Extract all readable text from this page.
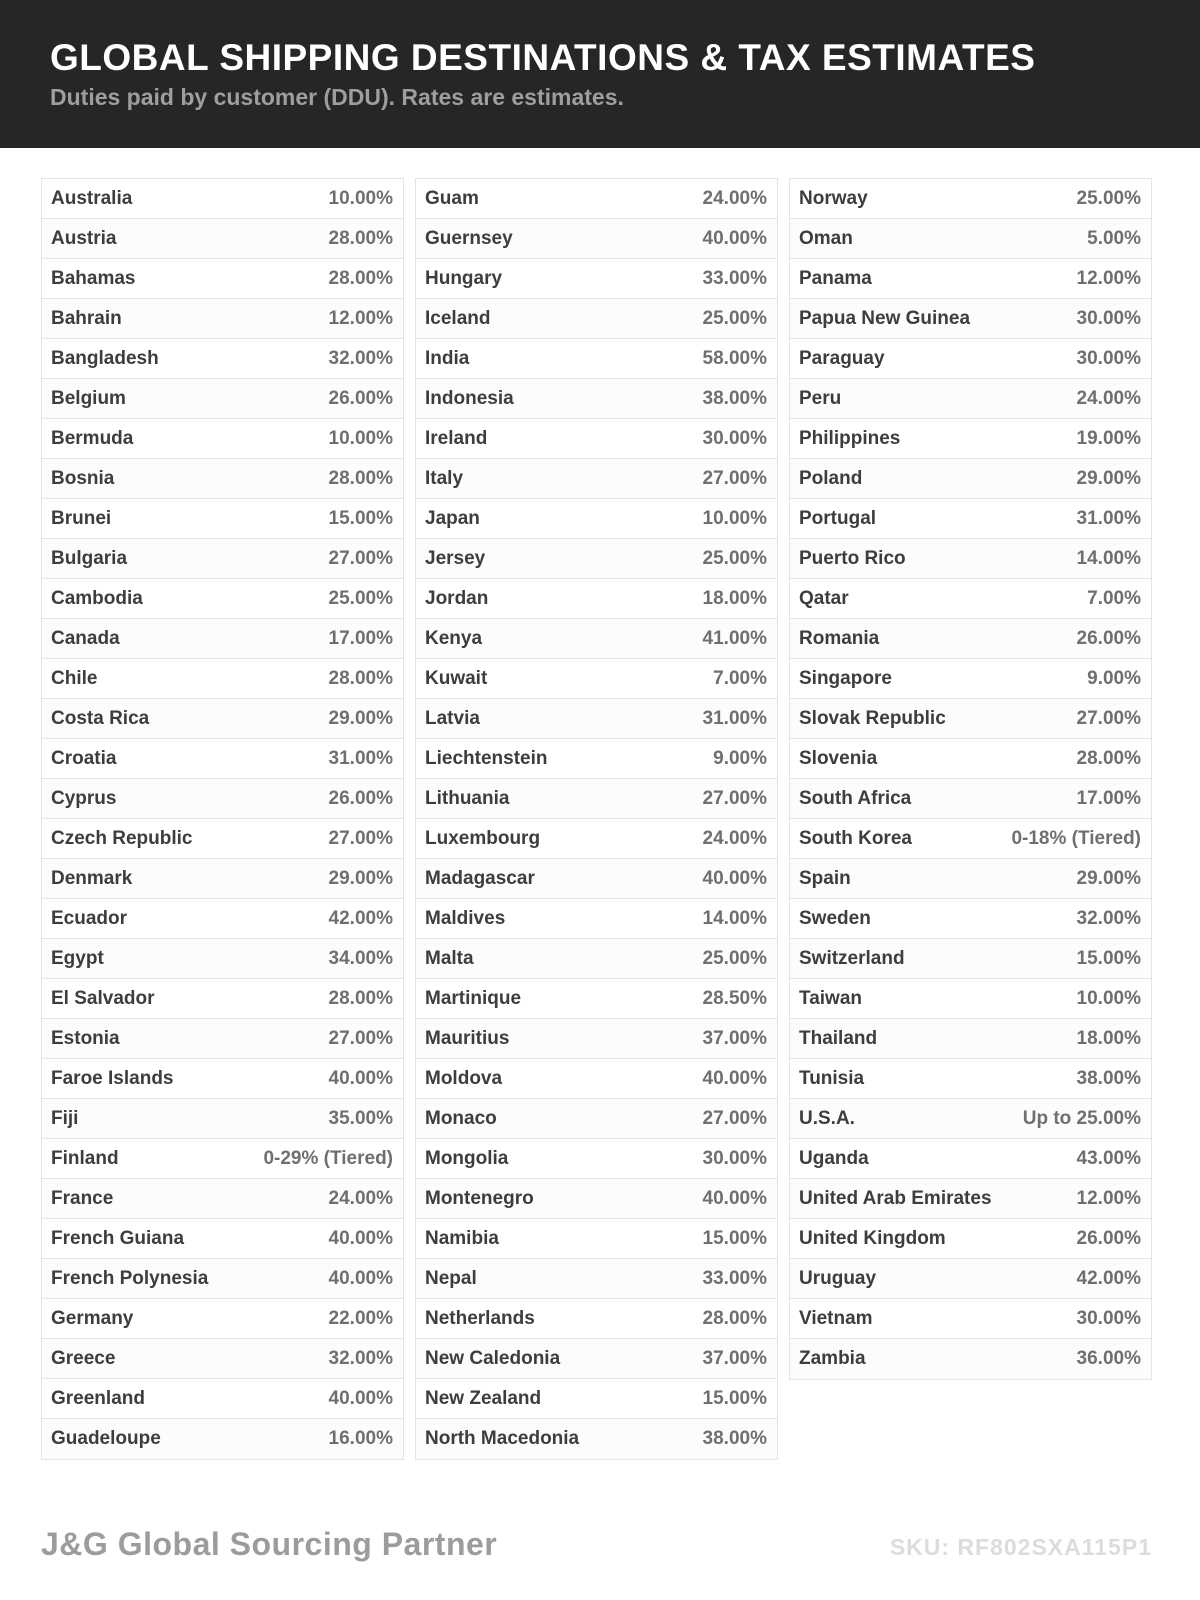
GLOBAL SHIPPING DESTINATIONS & TAX ESTIMATES

Duties paid by customer (DDU). Rates are estimates.

Australia	10.00%
Austria	28.00%
Bahamas	28.00%
Bahrain	12.00%
Bangladesh	32.00%
Belgium	26.00%
Bermuda	10.00%
Bosnia	28.00%
Brunei	15.00%
Bulgaria	27.00%
Cambodia	25.00%
Canada	17.00%
Chile	28.00%
Costa Rica	29.00%
Croatia	31.00%
Cyprus	26.00%
Czech Republic	27.00%
Denmark	29.00%
Ecuador	42.00%
Egypt	34.00%
El Salvador	28.00%
Estonia	27.00%
Faroe Islands	40.00%
Fiji	35.00%
Finland	0-29% (Tiered)
France	24.00%
French Guiana	40.00%
French Polynesia	40.00%
Germany	22.00%
Greece	32.00%
Greenland	40.00%
Guadeloupe	16.00%
Guam	24.00%
Guernsey	40.00%
Hungary	33.00%
Iceland	25.00%
India	58.00%
Indonesia	38.00%
Ireland	30.00%
Italy	27.00%
Japan	10.00%
Jersey	25.00%
Jordan	18.00%
Kenya	41.00%
Kuwait	7.00%
Latvia	31.00%
Liechtenstein	9.00%
Lithuania	27.00%
Luxembourg	24.00%
Madagascar	40.00%
Maldives	14.00%
Malta	25.00%
Martinique	28.50%
Mauritius	37.00%
Moldova	40.00%
Monaco	27.00%
Mongolia	30.00%
Montenegro	40.00%
Namibia	15.00%
Nepal	33.00%
Netherlands	28.00%
New Caledonia	37.00%
New Zealand	15.00%
North Macedonia	38.00%
Norway	25.00%
Oman	5.00%
Panama	12.00%
Papua New Guinea	30.00%
Paraguay	30.00%
Peru	24.00%
Philippines	19.00%
Poland	29.00%
Portugal	31.00%
Puerto Rico	14.00%
Qatar	7.00%
Romania	26.00%
Singapore	9.00%
Slovak Republic	27.00%
Slovenia	28.00%
South Africa	17.00%
South Korea	0-18% (Tiered)
Spain	29.00%
Sweden	32.00%
Switzerland	15.00%
Taiwan	10.00%
Thailand	18.00%
Tunisia	38.00%
U.S.A.	Up to 25.00%
Uganda	43.00%
United Arab Emirates	12.00%
United Kingdom	26.00%
Uruguay	42.00%
Vietnam	30.00%
Zambia	36.00%
J&G Global Sourcing Partner	SKU: RF802SXA115P1
